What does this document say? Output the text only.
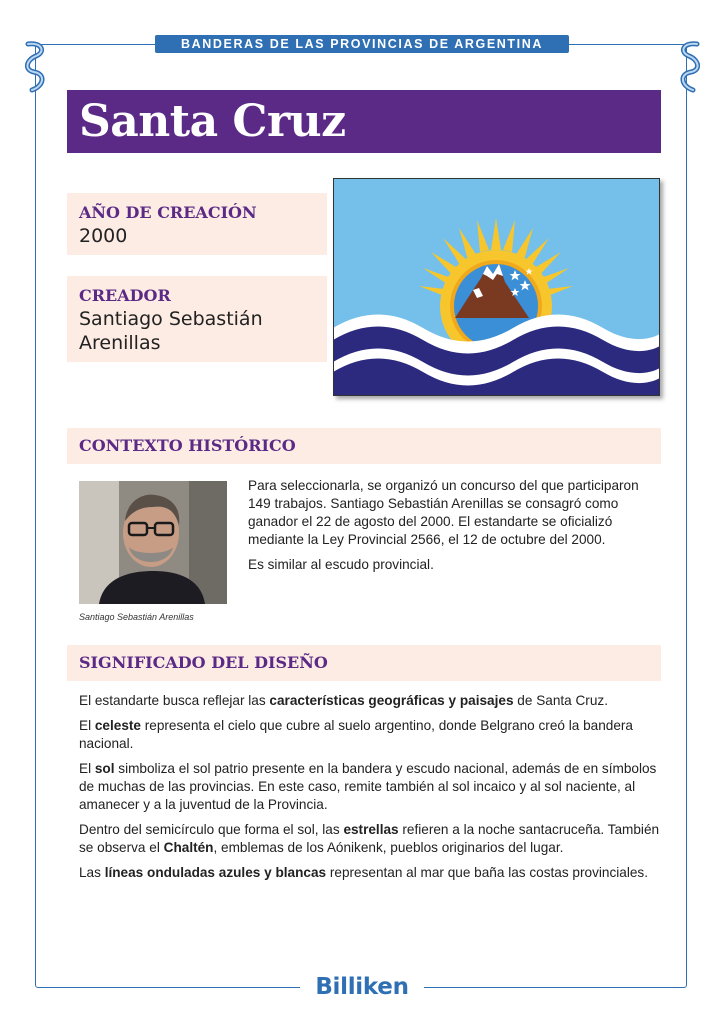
BANDERAS DE LAS PROVINCIAS DE ARGENTINA
Santa Cruz
AÑO DE CREACIÓN
2000
CREADOR
Santiago Sebastián
Arenillas
CONTEXTO HISTÓRICO
Santiago Sebastián Arenillas

Para seleccionarla, se organizó un concurso del que participaron 149 trabajos. Santiago Sebastián Arenillas se consagró como ganador el 22 de agosto del 2000. El estandarte se oficializó mediante la Ley Provincial 2566, el 12 de octubre del 2000.

Es similar al escudo provincial.

SIGNIFICADO DEL DISEÑO

El estandarte busca reflejar las características geográficas y paisajes de Santa Cruz.

El celeste representa el cielo que cubre al suelo argentino, donde Belgrano creó la bandera nacional.

El sol simboliza el sol patrio presente en la bandera y escudo nacional, además de en símbolos de muchas de las provincias. En este caso, remite también al sol incaico y al sol naciente, al amanecer y a la juventud de la Provincia.

Dentro del semicírculo que forma el sol, las estrellas refieren a la noche santacruceña. También se observa el Chaltén, emblemas de los Aónikenk, pueblos originarios del lugar.

Las líneas onduladas azules y blancas representan al mar que baña las costas provinciales.

Billiken
